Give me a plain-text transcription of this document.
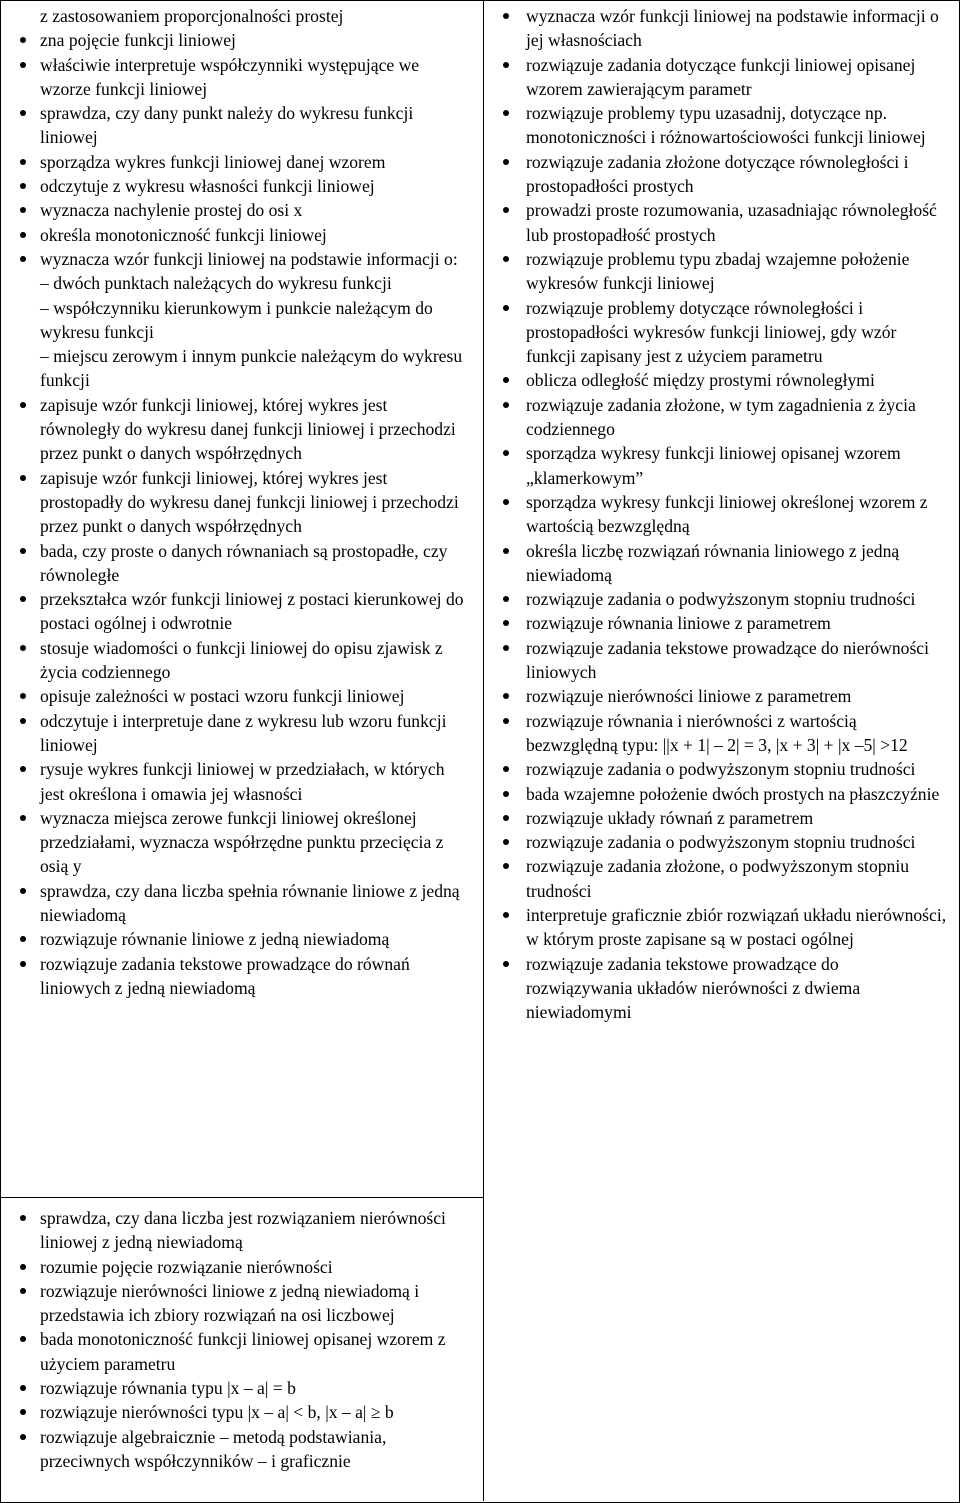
z zastosowaniem proporcjonalności prostej
zna pojęcie funkcji liniowej
właściwie interpretuje współczynniki występujące we wzorze funkcji liniowej
sprawdza, czy dany punkt należy do wykresu funkcji liniowej
sporządza wykres funkcji liniowej danej wzorem
odczytuje z wykresu własności funkcji liniowej
wyznacza nachylenie prostej do osi x
określa monotoniczność funkcji liniowej
wyznacza wzór funkcji liniowej na podstawie informacji o:
– dwóch punktach należących do wykresu funkcji
– współczynniku kierunkowym i punkcie należącym do wykresu funkcji
– miejscu zerowym i innym punkcie należącym do wykresu funkcji
zapisuje wzór funkcji liniowej, której wykres jest równoległy do wykresu danej funkcji liniowej i przechodzi przez punkt o danych współrzędnych
zapisuje wzór funkcji liniowej, której wykres jest prostopadły do wykresu danej funkcji liniowej i przechodzi przez punkt o danych współrzędnych
bada, czy proste o danych równaniach są prostopadłe, czy równoległe
przekształca wzór funkcji liniowej z postaci kierunkowej do postaci ogólnej i odwrotnie
stosuje wiadomości o funkcji liniowej do opisu zjawisk z życia codziennego
opisuje zależności w postaci wzoru funkcji liniowej
odczytuje i interpretuje dane z wykresu lub wzoru funkcji liniowej
rysuje wykres funkcji liniowej w przedziałach, w których jest określona i omawia jej własności
wyznacza miejsca zerowe funkcji liniowej określonej przedziałami, wyznacza współrzędne punktu przecięcia z osią y
sprawdza, czy dana liczba spełnia równanie liniowe z jedną niewiadomą
rozwiązuje równanie liniowe z jedną niewiadomą
rozwiązuje zadania tekstowe prowadzące do równań liniowych z jedną niewiadomą
sprawdza, czy dana liczba jest rozwiązaniem nierówności liniowej z jedną niewiadomą
rozumie pojęcie rozwiązanie nierówności
rozwiązuje nierówności liniowe z jedną niewiadomą i przedstawia ich zbiory rozwiązań na osi liczbowej
bada monotoniczność funkcji liniowej opisanej wzorem z użyciem parametru
rozwiązuje równania typu |x – a| = b
rozwiązuje nierówności typu |x – a| < b, |x – a| ≥ b
rozwiązuje algebraicznie – metodą podstawiania, przeciwnych współczynników – i graficznie
wyznacza wzór funkcji liniowej na podstawie informacji o jej własnościach
rozwiązuje zadania dotyczące funkcji liniowej opisanej wzorem zawierającym parametr
rozwiązuje problemy typu uzasadnij, dotyczące np. monotoniczności i różnowartościowości funkcji liniowej
rozwiązuje zadania złożone dotyczące równoległości i prostopadłości prostych
prowadzi proste rozumowania, uzasadniając równoległość lub prostopadłość prostych
rozwiązuje problemu typu zbadaj wzajemne położenie wykresów funkcji liniowej
rozwiązuje problemy dotyczące równoległości i prostopadłości wykresów funkcji liniowej, gdy wzór funkcji zapisany jest z użyciem parametru
oblicza odległość między prostymi równoległymi
rozwiązuje zadania złożone, w tym zagadnienia z życia codziennego
sporządza wykresy funkcji liniowej opisanej wzorem „klamerkowym”
sporządza wykresy funkcji liniowej określonej wzorem z wartością bezwzględną
określa liczbę rozwiązań równania liniowego z jedną niewiadomą
rozwiązuje zadania o podwyższonym stopniu trudności
rozwiązuje równania liniowe z parametrem
rozwiązuje zadania tekstowe prowadzące do nierówności liniowych
rozwiązuje nierówności liniowe z parametrem
rozwiązuje równania i nierówności z wartością bezwzględną typu: ||x + 1| – 2| = 3, |x + 3| + |x –5| >12
rozwiązuje zadania o podwyższonym stopniu trudności
bada wzajemne położenie dwóch prostych na płaszczyźnie
rozwiązuje układy równań z parametrem
rozwiązuje zadania o podwyższonym stopniu trudności
rozwiązuje zadania złożone, o podwyższonym stopniu trudności
interpretuje graficznie zbiór rozwiązań układu nierówności, w którym proste zapisane są w postaci ogólnej
rozwiązuje zadania tekstowe prowadzące do rozwiązywania układów nierówności z dwiema niewiadomymi
